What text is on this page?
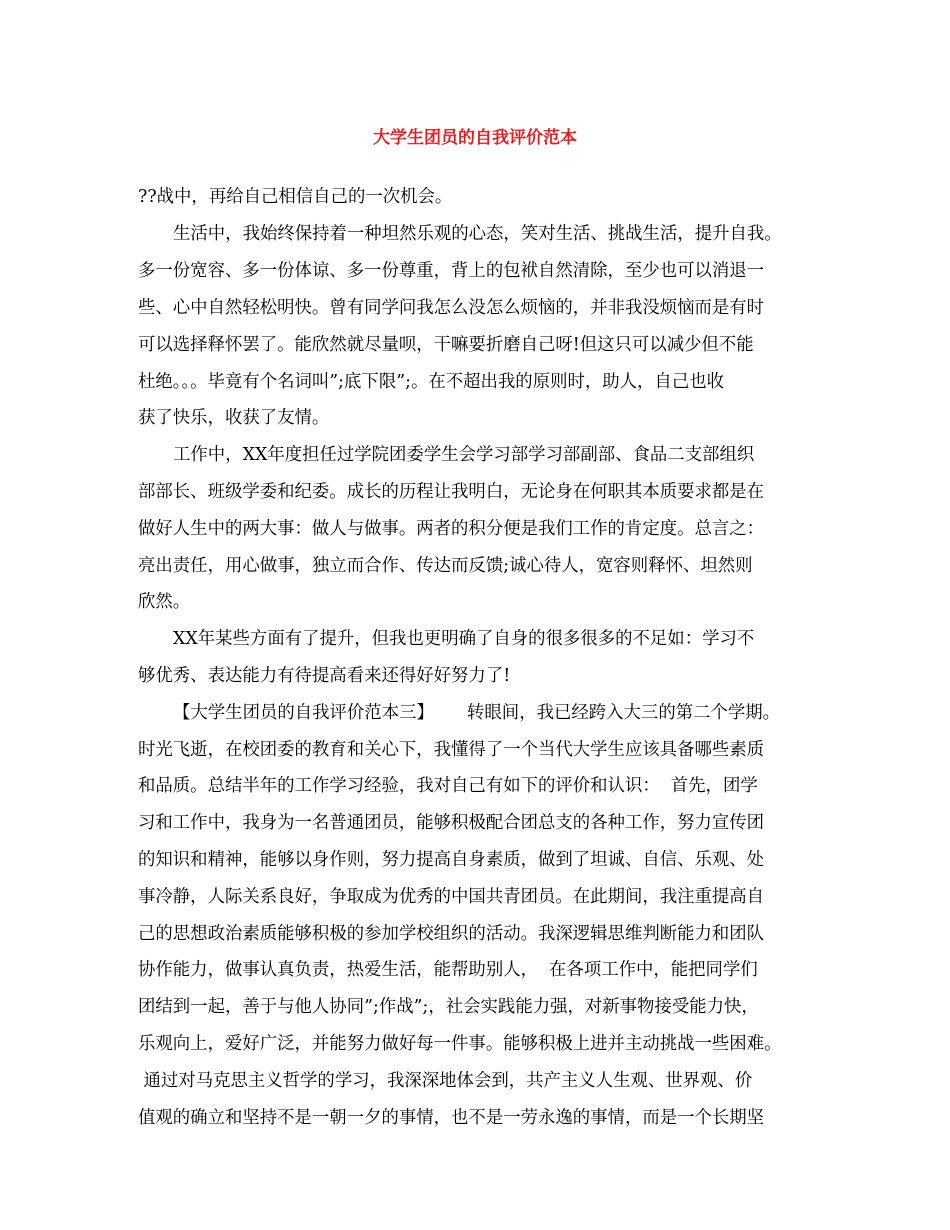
大学生团员的自我评价范本

??战中，再给自己相信自己的一次机会。

生活中，我始终保持着一种坦然乐观的心态，笑对生活、挑战生活，提升自我。

多一份宽容、多一份体谅、多一份尊重，背上的包袱自然清除，至少也可以消退一

些、心中自然轻松明快。曾有同学问我怎么没怎么烦恼的，并非我没烦恼而是有时

可以选择释怀罢了。能欣然就尽量呗，干嘛要折磨自己呀!但这只可以减少但不能

杜绝。。。毕竟有个名词叫”;底下限”;。在不超出我的原则时，助人，自己也收

获了快乐，收获了友情。

工作中，XX年度担任过学院团委学生会学习部学习部副部、食品二支部组织

部部长、班级学委和纪委。成长的历程让我明白，无论身在何职其本质要求都是在

做好人生中的两大事：做人与做事。两者的积分便是我们工作的肯定度。总言之：

亮出责任，用心做事，独立而合作、传达而反馈;诚心待人，宽容则释怀、坦然则

欣然。

XX年某些方面有了提升，但我也更明确了自身的很多很多的不足如：学习不

够优秀、表达能力有待提高看来还得好好努力了!

【大学生团员的自我评价范本三】      转眼间，我已经跨入大三的第二个学期。

时光飞逝，在校团委的教育和关心下，我懂得了一个当代大学生应该具备哪些素质

和品质。总结半年的工作学习经验，我对自己有如下的评价和认识：  首先，团学

习和工作中，我身为一名普通团员，能够积极配合团总支的各种工作，努力宣传团

的知识和精神，能够以身作则，努力提高自身素质，做到了坦诚、自信、乐观、处

事冷静，人际关系良好，争取成为优秀的中国共青团员。在此期间，我注重提高自

己的思想政治素质能够积极的参加学校组织的活动。我深逻辑思维判断能力和团队

协作能力，做事认真负责，热爱生活，能帮助别人，  在各项工作中，能把同学们

团结到一起，善于与他人协同”;作战”;，社会实践能力强，对新事物接受能力快，

乐观向上，爱好广泛，并能努力做好每一件事。能够积极上进并主动挑战一些困难。

通过对马克思主义哲学的学习，我深深地体会到，共产主义人生观、世界观、价

值观的确立和坚持不是一朝一夕的事情，也不是一劳永逸的事情，而是一个长期坚
